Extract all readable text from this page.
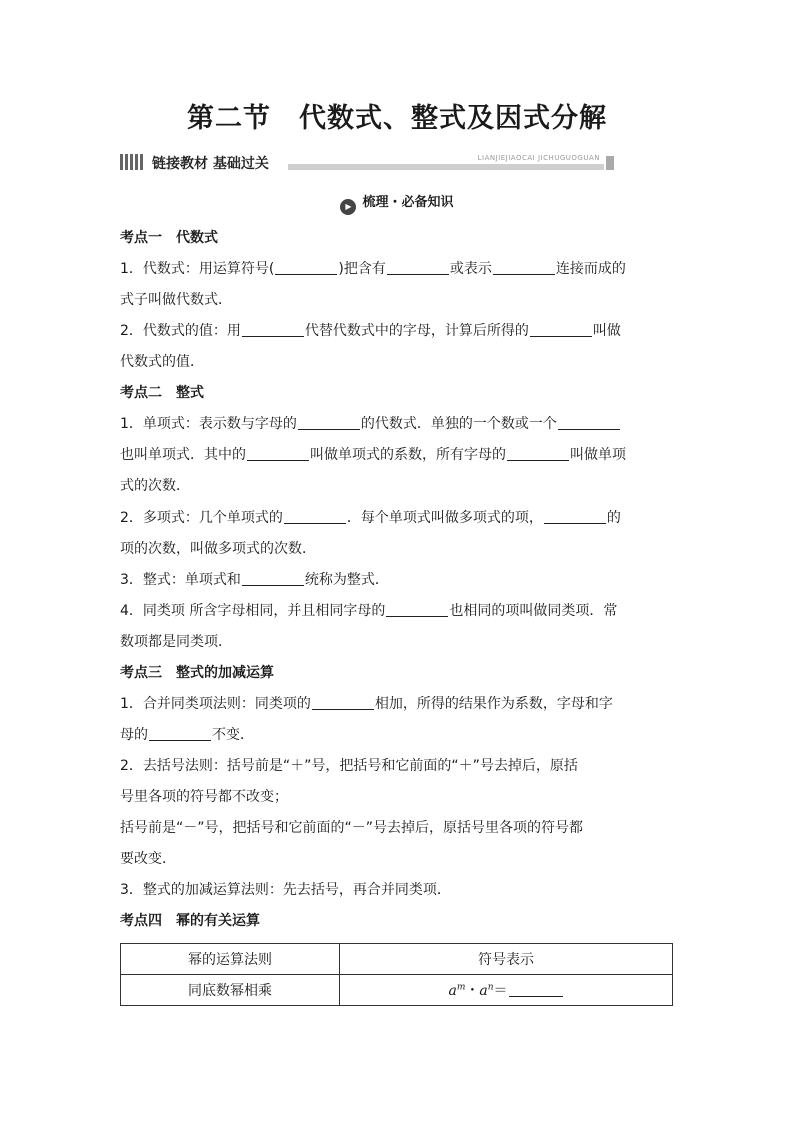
第二节　代数式、整式及因式分解
链接教材 基础过关	LIANJIEJIAOCAI JICHUGUOGUAN
▶ 梳理・必备知识
考点一 代数式
1．代数式：用运算符号(	)把含有	或表示	连接而成的
式子叫做代数式．
2．代数式的值：用	代替代数式中的字母，计算后所得的	叫做
代数式的值．
考点二 整式
1．单项式：表示数与字母的	的代数式．单独的一个数或一个
也叫单项式．其中的	叫做单项式的系数，所有字母的	叫做单项
式的次数．
2．多项式：几个单项式的	．每个单项式叫做多项式的项，	的
项的次数，叫做多项式的次数．
3．整式：单项式和	统称为整式．
4．同类项 所含字母相同，并且相同字母的	也相同的项叫做同类项．常
数项都是同类项．
考点三 整式的加减运算
1．合并同类项法则：同类项的	相加，所得的结果作为系数，字母和字
母的	不变．
2．去括号法则：括号前是“＋”号，把括号和它前面的“＋”号去掉后，原括
号里各项的符号都不改变；
括号前是“－”号，把括号和它前面的“－”号去掉后，原括号里各项的符号都
要改变．
3．整式的加减运算法则：先去括号，再合并同类项．
考点四 幂的有关运算
幂的运算法则	符号表示
同底数幂相乘	$a^m$・$a^n=$
